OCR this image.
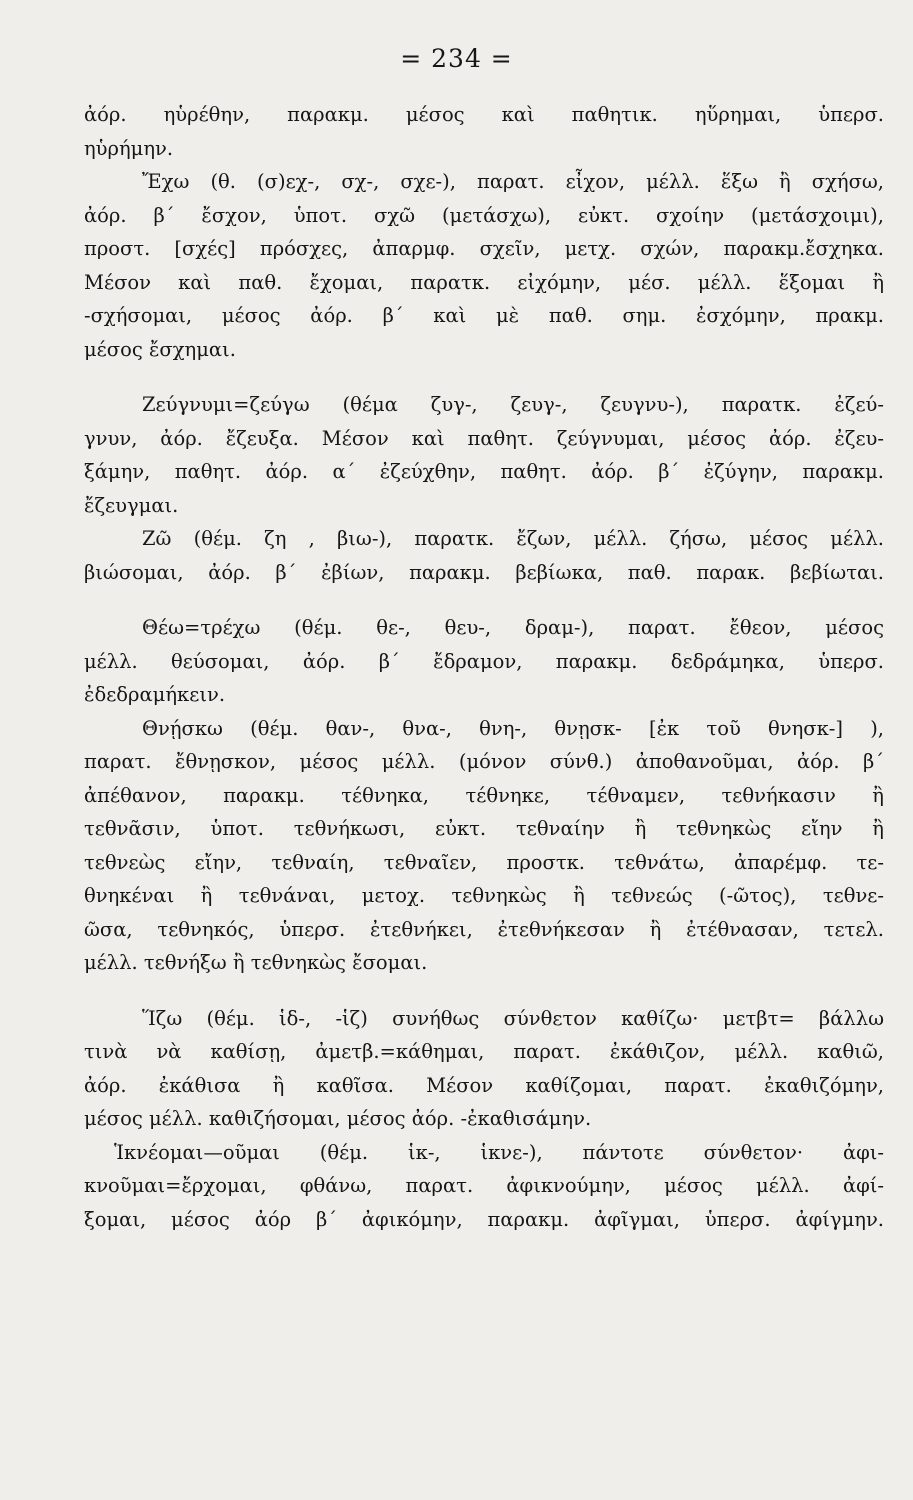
= 234 =
ἀόρ. ηὑρέθην, παρακμ. μέσος καὶ παθητικ. ηὕρημαι, ὑπερσ.
ηὑρήμην.
Ἔχω (θ. (σ)εχ-, σχ-, σχε-), παρατ. εἶχον, μέλλ. ἕξω ἢ σχήσω,
ἀόρ. β΄ ἔσχον, ὑποτ. σχῶ (μετάσχω), εὐκτ. σχοίην (μετάσχοιμι),
προστ. [σχές] πρόσχες, ἀπαρμφ. σχεῖν, μετχ. σχών, παρακμ.ἔσχηκα.
Μέσον καὶ παθ. ἔχομαι, παρατκ. εἰχόμην, μέσ. μέλλ. ἕξομαι ἢ
-σχήσομαι, μέσος ἀόρ. β΄ καὶ μὲ παθ. σημ. ἐσχόμην, πρακμ.
μέσος ἔσχημαι.
Ζεύγνυμι=ζεύγω (θέμα ζυγ-, ζευγ-, ζευγνυ-), παρατκ. ἐζεύ-
γνυν, ἀόρ. ἔζευξα. Μέσον καὶ παθητ. ζεύγνυμαι, μέσος ἀόρ. ἐζευ-
ξάμην, παθητ. ἀόρ. α΄ ἐζεύχθην, παθητ. ἀόρ. β΄ ἐζύγην, παρακμ.
ἔζευγμαι.
Ζῶ (θέμ. ζη , βιω-), παρατκ. ἔζων, μέλλ. ζήσω, μέσος μέλλ.
βιώσομαι, ἀόρ. β΄ ἐβίων, παρακμ. βεβίωκα, παθ. παρακ. βεβίωται.
Θέω=τρέχω (θέμ. θε-, θευ-, δραμ-), παρατ. ἔθεον, μέσος
μέλλ. θεύσομαι, ἀόρ. β΄ ἔδραμον, παρακμ. δεδράμηκα, ὑπερσ.
ἐδεδραμήκειν.
Θνῄσκω (θέμ. θαν-, θνα-, θνη-, θνῃσκ- [ἐκ τοῦ θνησκ-] ),
παρατ. ἔθνῃσκον, μέσος μέλλ. (μόνον σύνθ.) ἀποθανοῦμαι, ἀόρ. β΄
ἀπέθανον, παρακμ. τέθνηκα, τέθνηκε, τέθναμεν, τεθνήκασιν ἢ
τεθνᾶσιν, ὑποτ. τεθνήκωσι, εὐκτ. τεθναίην ἢ τεθνηκὼς εἴην ἢ
τεθνεὼς εἴην, τεθναίη, τεθναῖεν, προστκ. τεθνάτω, ἀπαρέμφ. τε-
θνηκέναι ἢ τεθνάναι, μετοχ. τεθνηκὼς ἢ τεθνεώς (-ῶτος), τεθνε-
ῶσα, τεθνηκός, ὑπερσ. ἐτεθνήκει, ἐτεθνήκεσαν ἢ ἐτέθνασαν, τετελ.
μέλλ. τεθνήξω ἢ τεθνηκὼς ἔσομαι.
Ἵζω (θέμ. ἱδ-, -ἱζ) συνήθως σύνθετον καθίζω· μετβτ= βάλλω
τινὰ νὰ καθίσῃ, ἀμετβ.=κάθημαι, παρατ. ἐκάθιζον, μέλλ. καθιῶ,
ἀόρ. ἐκάθισα ἢ καθῖσα. Μέσον καθίζομαι, παρατ. ἐκαθιζόμην,
μέσος μέλλ. καθιζήσομαι, μέσος ἀόρ. -ἐκαθισάμην.
Ἱκνέομαι—οῦμαι (θέμ. ἱκ-, ἱκνε-), πάντοτε σύνθετον· ἀφι-
κνοῦμαι=ἔρχομαι, φθάνω, παρατ. ἀφικνούμην, μέσος μέλλ. ἀφί-
ξομαι, μέσος ἀόρ β΄ ἀφικόμην, παρακμ. ἀφῖγμαι, ὑπερσ. ἀφίγμην.
